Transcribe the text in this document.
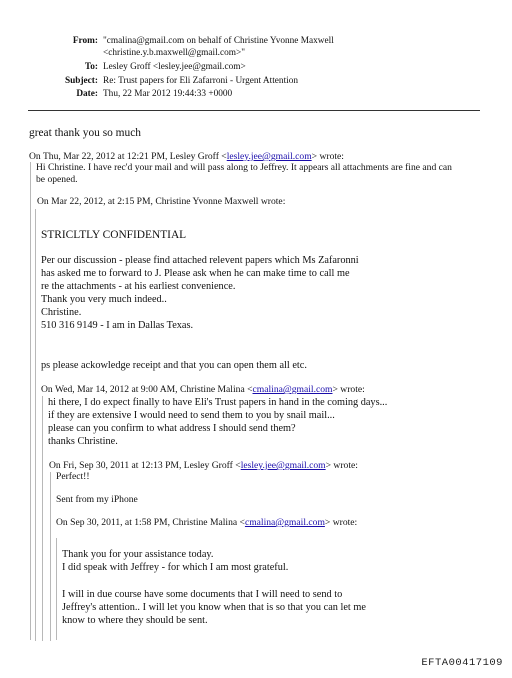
From: "cmalina@gmail.com on behalf of Christine Yvonne Maxwell
<christine.y.b.maxwell@gmail.com>"
To: Lesley Groff <lesley.jee@gmail.com>
Subject: Re: Trust papers for Eli Zafarroni - Urgent Attention
Date: Thu, 22 Mar 2012 19:44:33 +0000
great thank you so much
On Thu, Mar 22, 2012 at 12:21 PM, Lesley Groff <lesley.jee@gmail.com> wrote:
Hi Christine. I have rec'd your mail and will pass along to Jeffrey. It appears all attachments are fine and can
be opened.
On Mar 22, 2012, at 2:15 PM, Christine Yvonne Maxwell wrote:
STRICLTLY CONFIDENTIAL
Per our discussion - please find attached relevent papers which Ms Zafaronni
has asked me to forward to J. Please ask when he can make time to call me
re the attachments - at his earliest convenience.
Thank you very much indeed..
Christine.
510 316 9149 - I am in Dallas Texas.
ps please ackowledge receipt and that you can open them all etc.
On Wed, Mar 14, 2012 at 9:00 AM, Christine Malina <cmalina@gmail.com> wrote:
hi there, I do expect finally to have Eli's Trust papers in hand in the coming days...
if they are extensive I would need to send them to you by snail mail...
please can you confirm to what address I should send them?
thanks Christine.
On Fri, Sep 30, 2011 at 12:13 PM, Lesley Groff <lesley.jee@gmail.com> wrote:
Perfect!!
Sent from my iPhone
On Sep 30, 2011, at 1:58 PM, Christine Malina <cmalina@gmail.com> wrote:
Thank you for your assistance today.
I did speak with Jeffrey - for which I am most grateful.
I will in due course have some documents that I will need to send to
Jeffrey's attention.. I will let you know when that is so that you can let me
know to where they should be sent.
EFTA00417109
